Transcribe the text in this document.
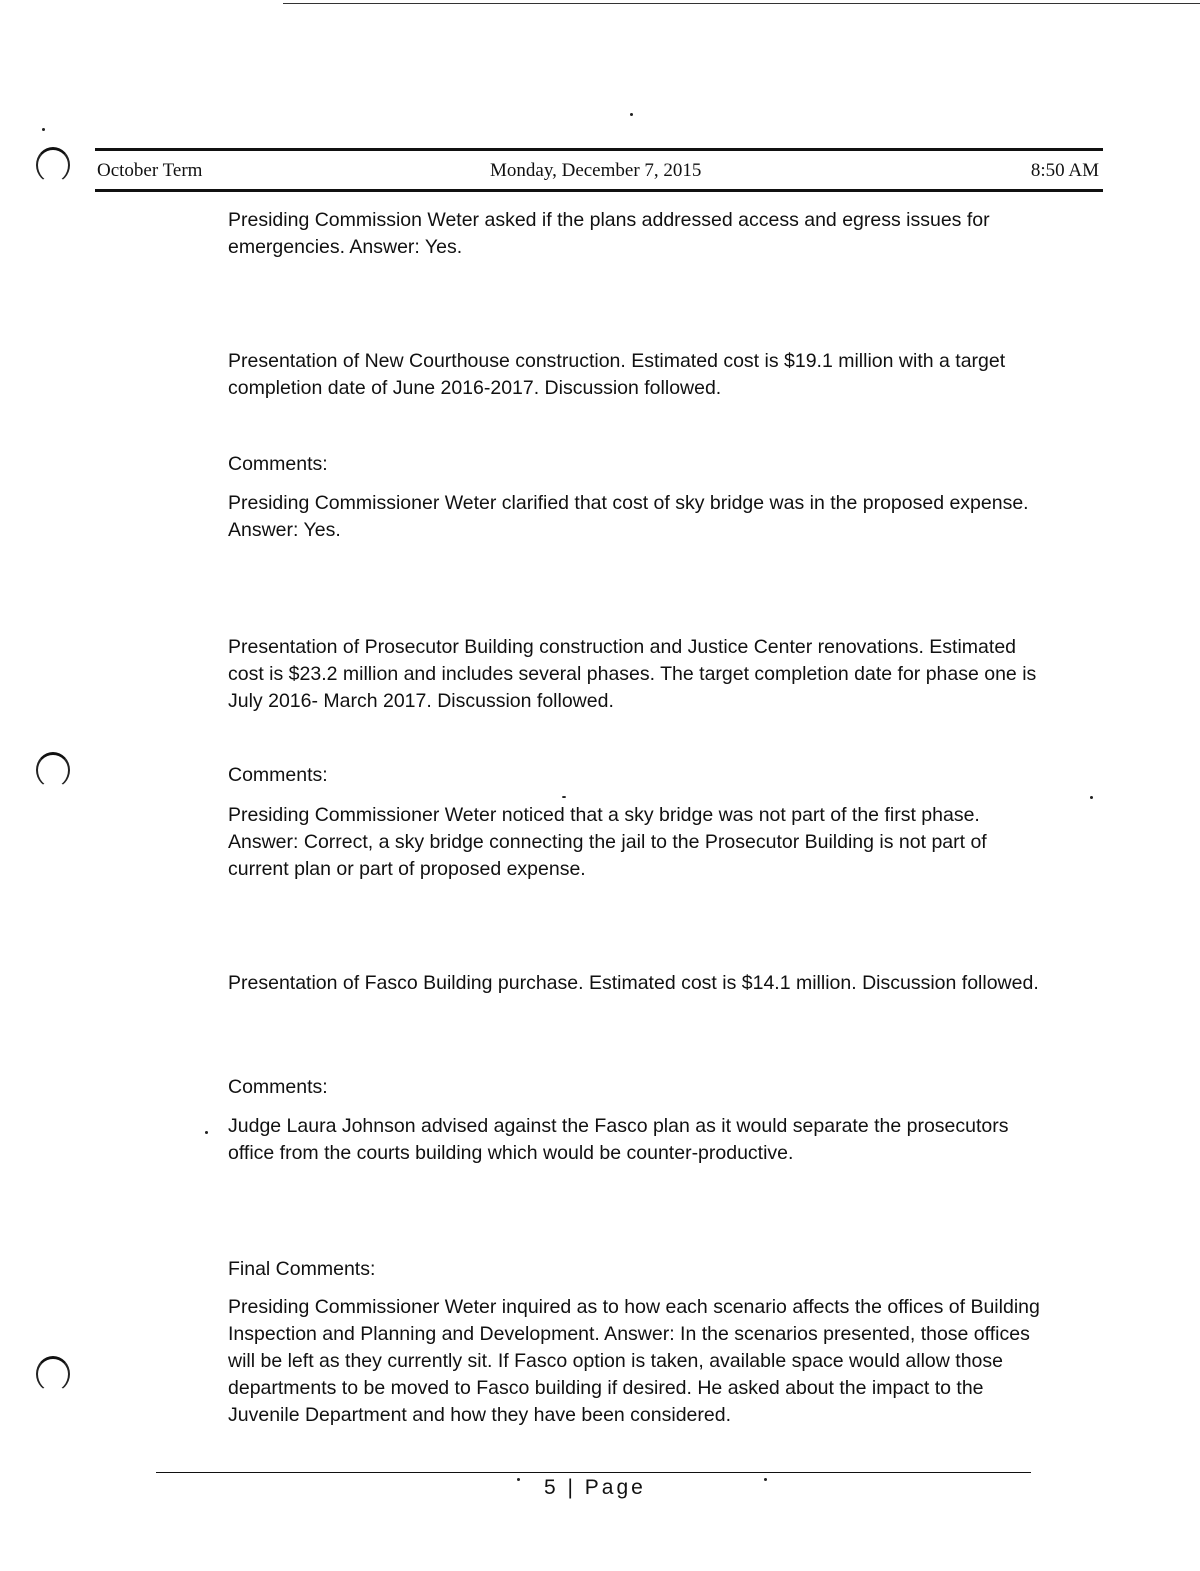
October Term	Monday, December 7, 2015	8:50 AM

Presiding Commission Weter asked if the plans addressed access and egress issues for emergencies. Answer: Yes.

Presentation of New Courthouse construction. Estimated cost is $19.1 million with a target completion date of June 2016-2017. Discussion followed.

Comments:

Presiding Commissioner Weter clarified that cost of sky bridge was in the proposed expense. Answer: Yes.

Presentation of Prosecutor Building construction and Justice Center renovations. Estimated cost is $23.2 million and includes several phases. The target completion date for phase one is July 2016- March 2017. Discussion followed.

Comments:

Presiding Commissioner Weter noticed that a sky bridge was not part of the first phase. Answer: Correct, a sky bridge connecting the jail to the Prosecutor Building is not part of current plan or part of proposed expense.

Presentation of Fasco Building purchase. Estimated cost is $14.1 million. Discussion followed.

Comments:

Judge Laura Johnson advised against the Fasco plan as it would separate the prosecutors office from the courts building which would be counter-productive.

Final Comments:

Presiding Commissioner Weter inquired as to how each scenario affects the offices of Building Inspection and Planning and Development. Answer: In the scenarios presented, those offices will be left as they currently sit. If Fasco option is taken, available space would allow those departments to be moved to Fasco building if desired. He asked about the impact to the Juvenile Department and how they have been considered.

5 | Page
